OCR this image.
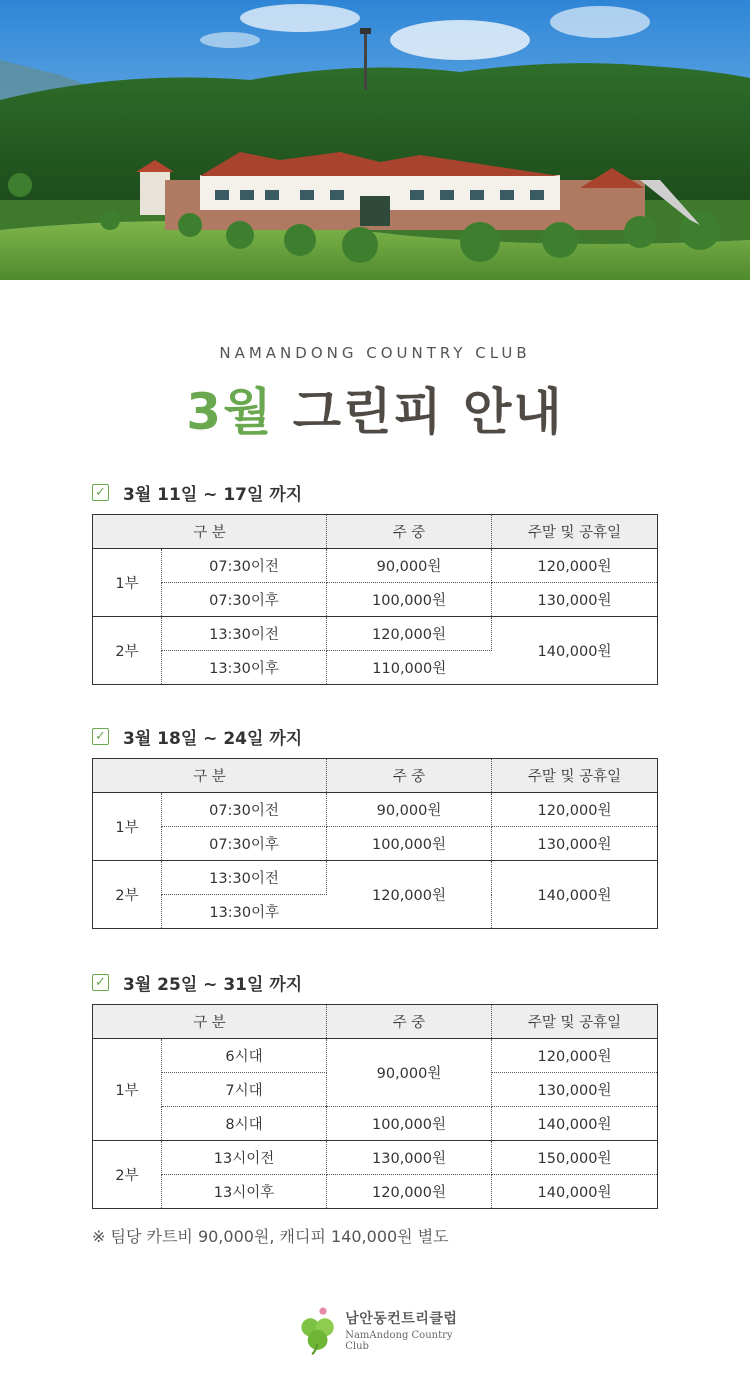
NAMANDONG COUNTRY CLUB
3월 그린피 안내
✓ 3월 11일 ~ 17일 까지
구 분		주 중	주말 및 공휴일
1부	07:30이전	90,000원	120,000원
	07:30이후	100,000원	130,000원
2부	13:30이전	120,000원	140,000원
	13:30이후	110,000원	
✓ 3월 18일 ~ 24일 까지
구 분		주 중	주말 및 공휴일
1부	07:30이전	90,000원	120,000원
	07:30이후	100,000원	130,000원
2부	13:30이전	120,000원	140,000원
	13:30이후		
✓ 3월 25일 ~ 31일 까지
구 분		주 중	주말 및 공휴일
1부	6시대	90,000원	120,000원
	7시대		130,000원
	8시대	100,000원	140,000원
2부	13시이전	130,000원	150,000원
	13시이후	120,000원	140,000원
※ 팀당 카트비 90,000원, 캐디피 140,000원 별도
남안동컨트리클럽
NamAndong Country Club
